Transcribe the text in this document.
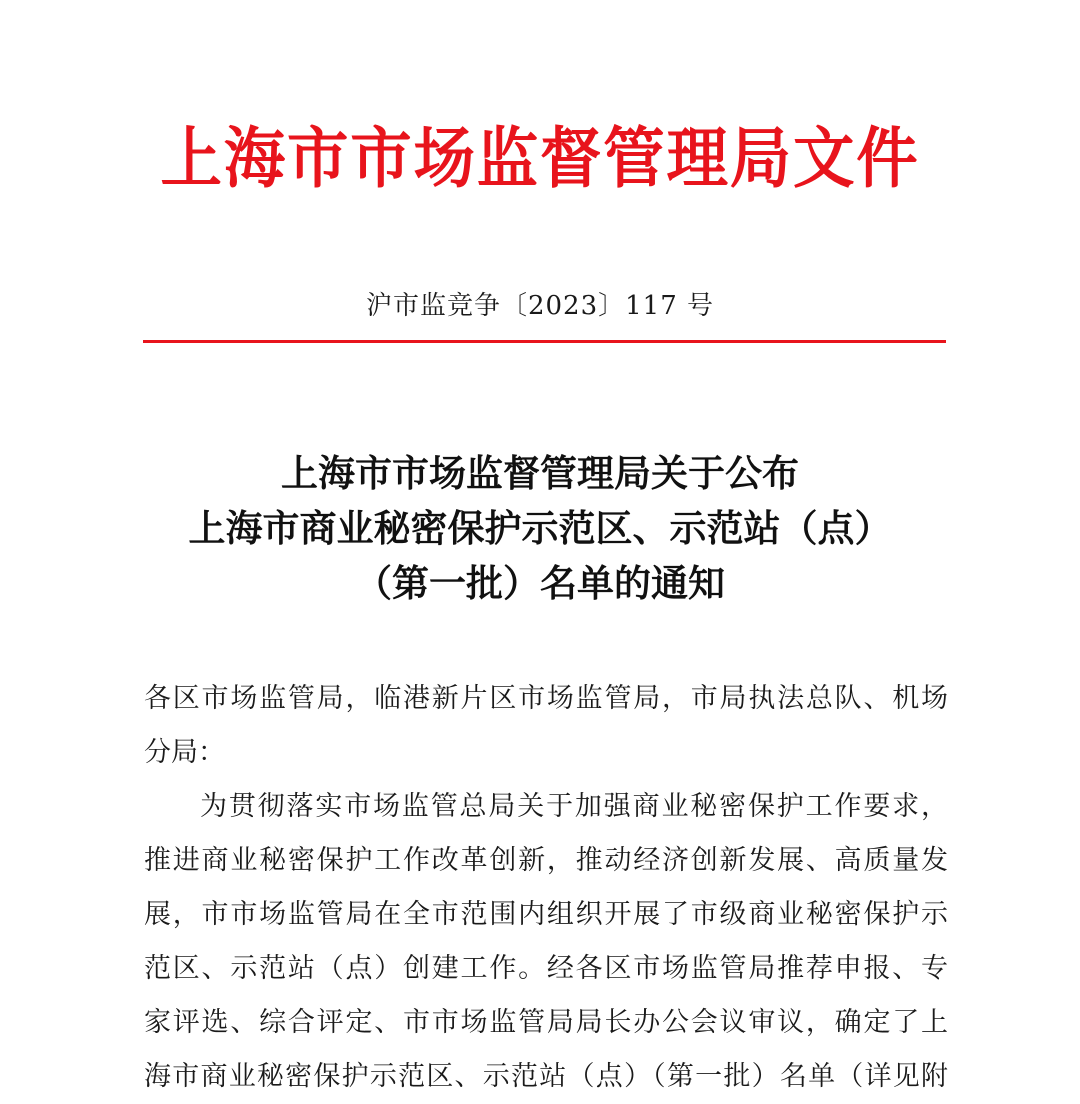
上海市市场监督管理局文件
沪市监竞争〔2023〕117 号
上海市市场监督管理局关于公布
上海市商业秘密保护示范区、示范站（点）
（第一批）名单的通知
各区市场监管局，临港新片区市场监管局，市局执法总队、机场
分局：
为贯彻落实市场监管总局关于加强商业秘密保护工作要求，
推进商业秘密保护工作改革创新，推动经济创新发展、高质量发
展，市市场监管局在全市范围内组织开展了市级商业秘密保护示
范区、示范站（点）创建工作。经各区市场监管局推荐申报、专
家评选、综合评定、市市场监管局局长办公会议审议，确定了上
海市商业秘密保护示范区、示范站（点）（第一批）名单（详见附
